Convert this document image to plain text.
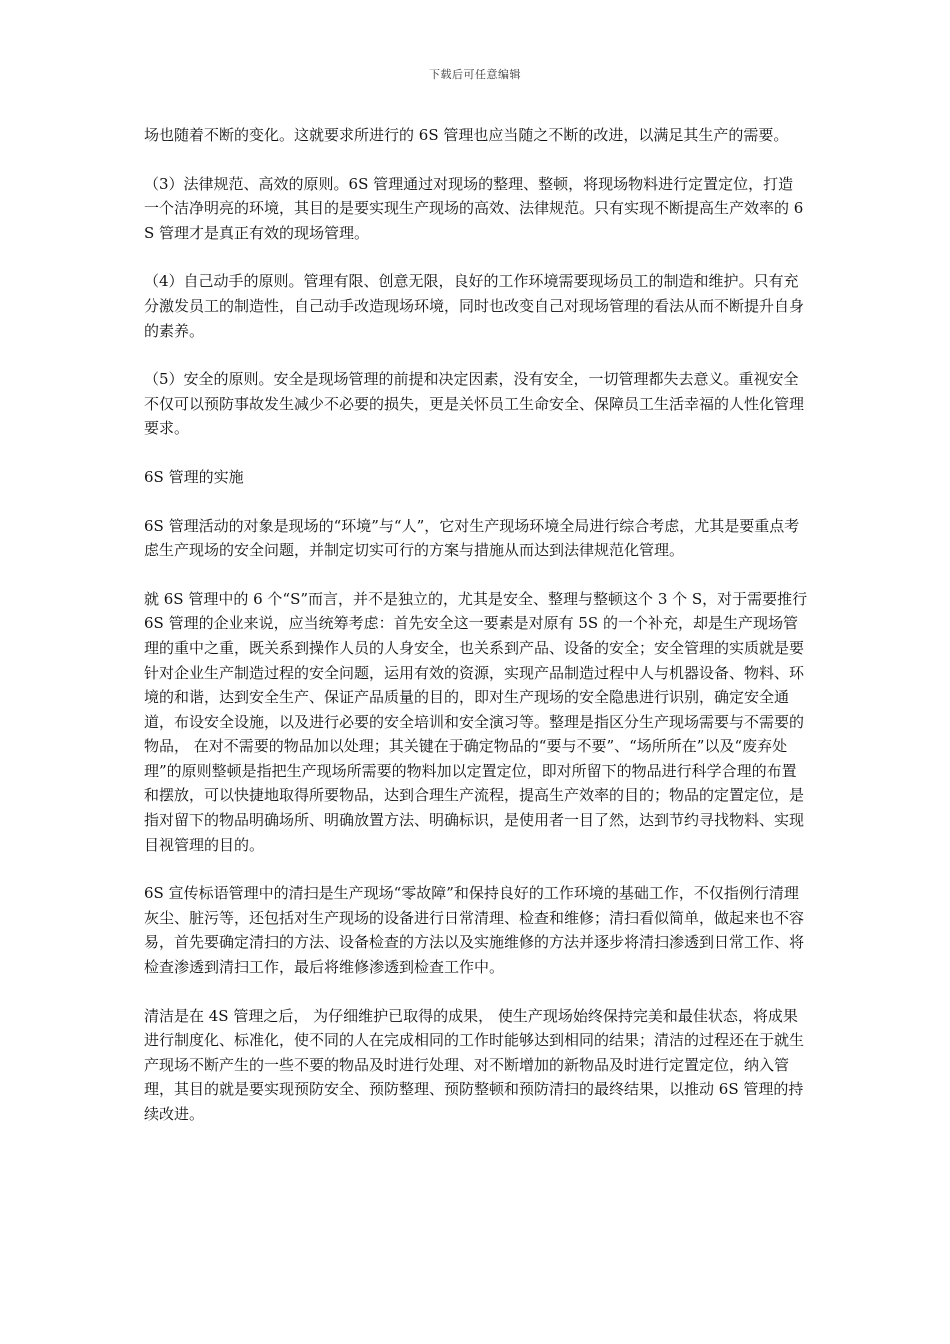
下载后可任意编辑

场也随着不断的变化。这就要求所进行的 6S 管理也应当随之不断的改进，以满足其生产的需要。

（3）法律规范、高效的原则。6S 管理通过对现场的整理、整顿，将现场物料进行定置定位，打造一个洁净明亮的环境，其目的是要实现生产现场的高效、法律规范。只有实现不断提高生产效率的 6S 管理才是真正有效的现场管理。

（4）自己动手的原则。管理有限、创意无限，良好的工作环境需要现场员工的制造和维护。只有充分激发员工的制造性，自己动手改造现场环境，同时也改变自己对现场管理的看法从而不断提升自身的素养。

（5）安全的原则。安全是现场管理的前提和决定因素，没有安全，一切管理都失去意义。重视安全不仅可以预防事故发生减少不必要的损失，更是关怀员工生命安全、保障员工生活幸福的人性化管理要求。

6S 管理的实施

6S 管理活动的对象是现场的“环境”与“人”，它对生产现场环境全局进行综合考虑，尤其是要重点考虑生产现场的安全问题，并制定切实可行的方案与措施从而达到法律规范化管理。

就 6S 管理中的 6 个“S”而言，并不是独立的，尤其是安全、整理与整顿这个 3 个 S，对于需要推行 6S 管理的企业来说，应当统筹考虑：首先安全这一要素是对原有 5S 的一个补充，却是生产现场管理的重中之重，既关系到操作人员的人身安全，也关系到产品、设备的安全；安全管理的实质就是要针对企业生产制造过程的安全问题，运用有效的资源，实现产品制造过程中人与机器设备、物料、环境的和谐，达到安全生产、保证产品质量的目的，即对生产现场的安全隐患进行识别，确定安全通道，布设安全设施，以及进行必要的安全培训和安全演习等。整理是指区分生产现场需要与不需要的物品， 在对不需要的物品加以处理；其关键在于确定物品的“要与不要”、“场所所在”以及“废弃处理”的原则整顿是指把生产现场所需要的物料加以定置定位，即对所留下的物品进行科学合理的布置和摆放，可以快捷地取得所要物品，达到合理生产流程，提高生产效率的目的；物品的定置定位，是指对留下的物品明确场所、明确放置方法、明确标识，是使用者一目了然，达到节约寻找物料、实现目视管理的目的。

6S 宣传标语管理中的清扫是生产现场“零故障”和保持良好的工作环境的基础工作，不仅指例行清理灰尘、脏污等，还包括对生产现场的设备进行日常清理、检查和维修；清扫看似简单，做起来也不容易，首先要确定清扫的方法、设备检查的方法以及实施维修的方法并逐步将清扫渗透到日常工作、将检查渗透到清扫工作，最后将维修渗透到检查工作中。

清洁是在 4S 管理之后， 为仔细维护已取得的成果， 使生产现场始终保持完美和最佳状态，将成果进行制度化、标准化，使不同的人在完成相同的工作时能够达到相同的结果；清洁的过程还在于就生产现场不断产生的一些不要的物品及时进行处理、对不断增加的新物品及时进行定置定位，纳入管理，其目的就是要实现预防安全、预防整理、预防整顿和预防清扫的最终结果，以推动 6S 管理的持续改进。
